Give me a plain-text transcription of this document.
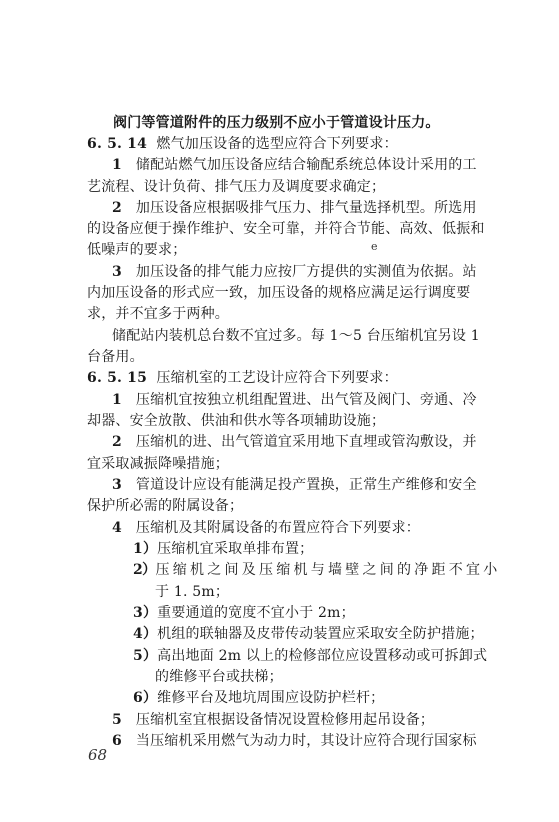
阀门等管道附件的压力级别不应小于管道设计压力。
6. 5. 14 燃气加压设备的选型应符合下列要求：
1 储配站燃气加压设备应结合输配系统总体设计采用的工
艺流程、设计负荷、排气压力及调度要求确定；
2 加压设备应根据吸排气压力、排气量选择机型。所选用
的设备应便于操作维护、安全可靠，并符合节能、高效、低振和
低噪声的要求；
3 加压设备的排气能力应按厂方提供的实测值为依据。站
内加压设备的形式应一致，加压设备的规格应满足运行调度要
求，并不宜多于两种。
储配站内装机总台数不宜过多。每 1～5 台压缩机宜另设 1
台备用。
6. 5. 15 压缩机室的工艺设计应符合下列要求：
1 压缩机宜按独立机组配置进、出气管及阀门、旁通、冷
却器、安全放散、供油和供水等各项辅助设施；
2 压缩机的进、出气管道宜采用地下直埋或管沟敷设，并
宜采取减振降噪措施；
3 管道设计应设有能满足投产置换，正常生产维修和安全
保护所必需的附属设备；
4 压缩机及其附属设备的布置应符合下列要求：
1）压缩机宜采取单排布置；
2）压 缩 机 之 间 及 压 缩 机 与 墙 壁 之 间 的 净 距 不 宜 小
于 1. 5m；
3）重要通道的宽度不宜小于 2m；
4）机组的联轴器及皮带传动装置应采取安全防护措施；
5）高出地面 2m 以上的检修部位应设置移动或可拆卸式
的维修平台或扶梯；
6）维修平台及地坑周围应设防护栏杆；
5 压缩机室宜根据设备情况设置检修用起吊设备；
6 当压缩机采用燃气为动力时，其设计应符合现行国家标
e
68
